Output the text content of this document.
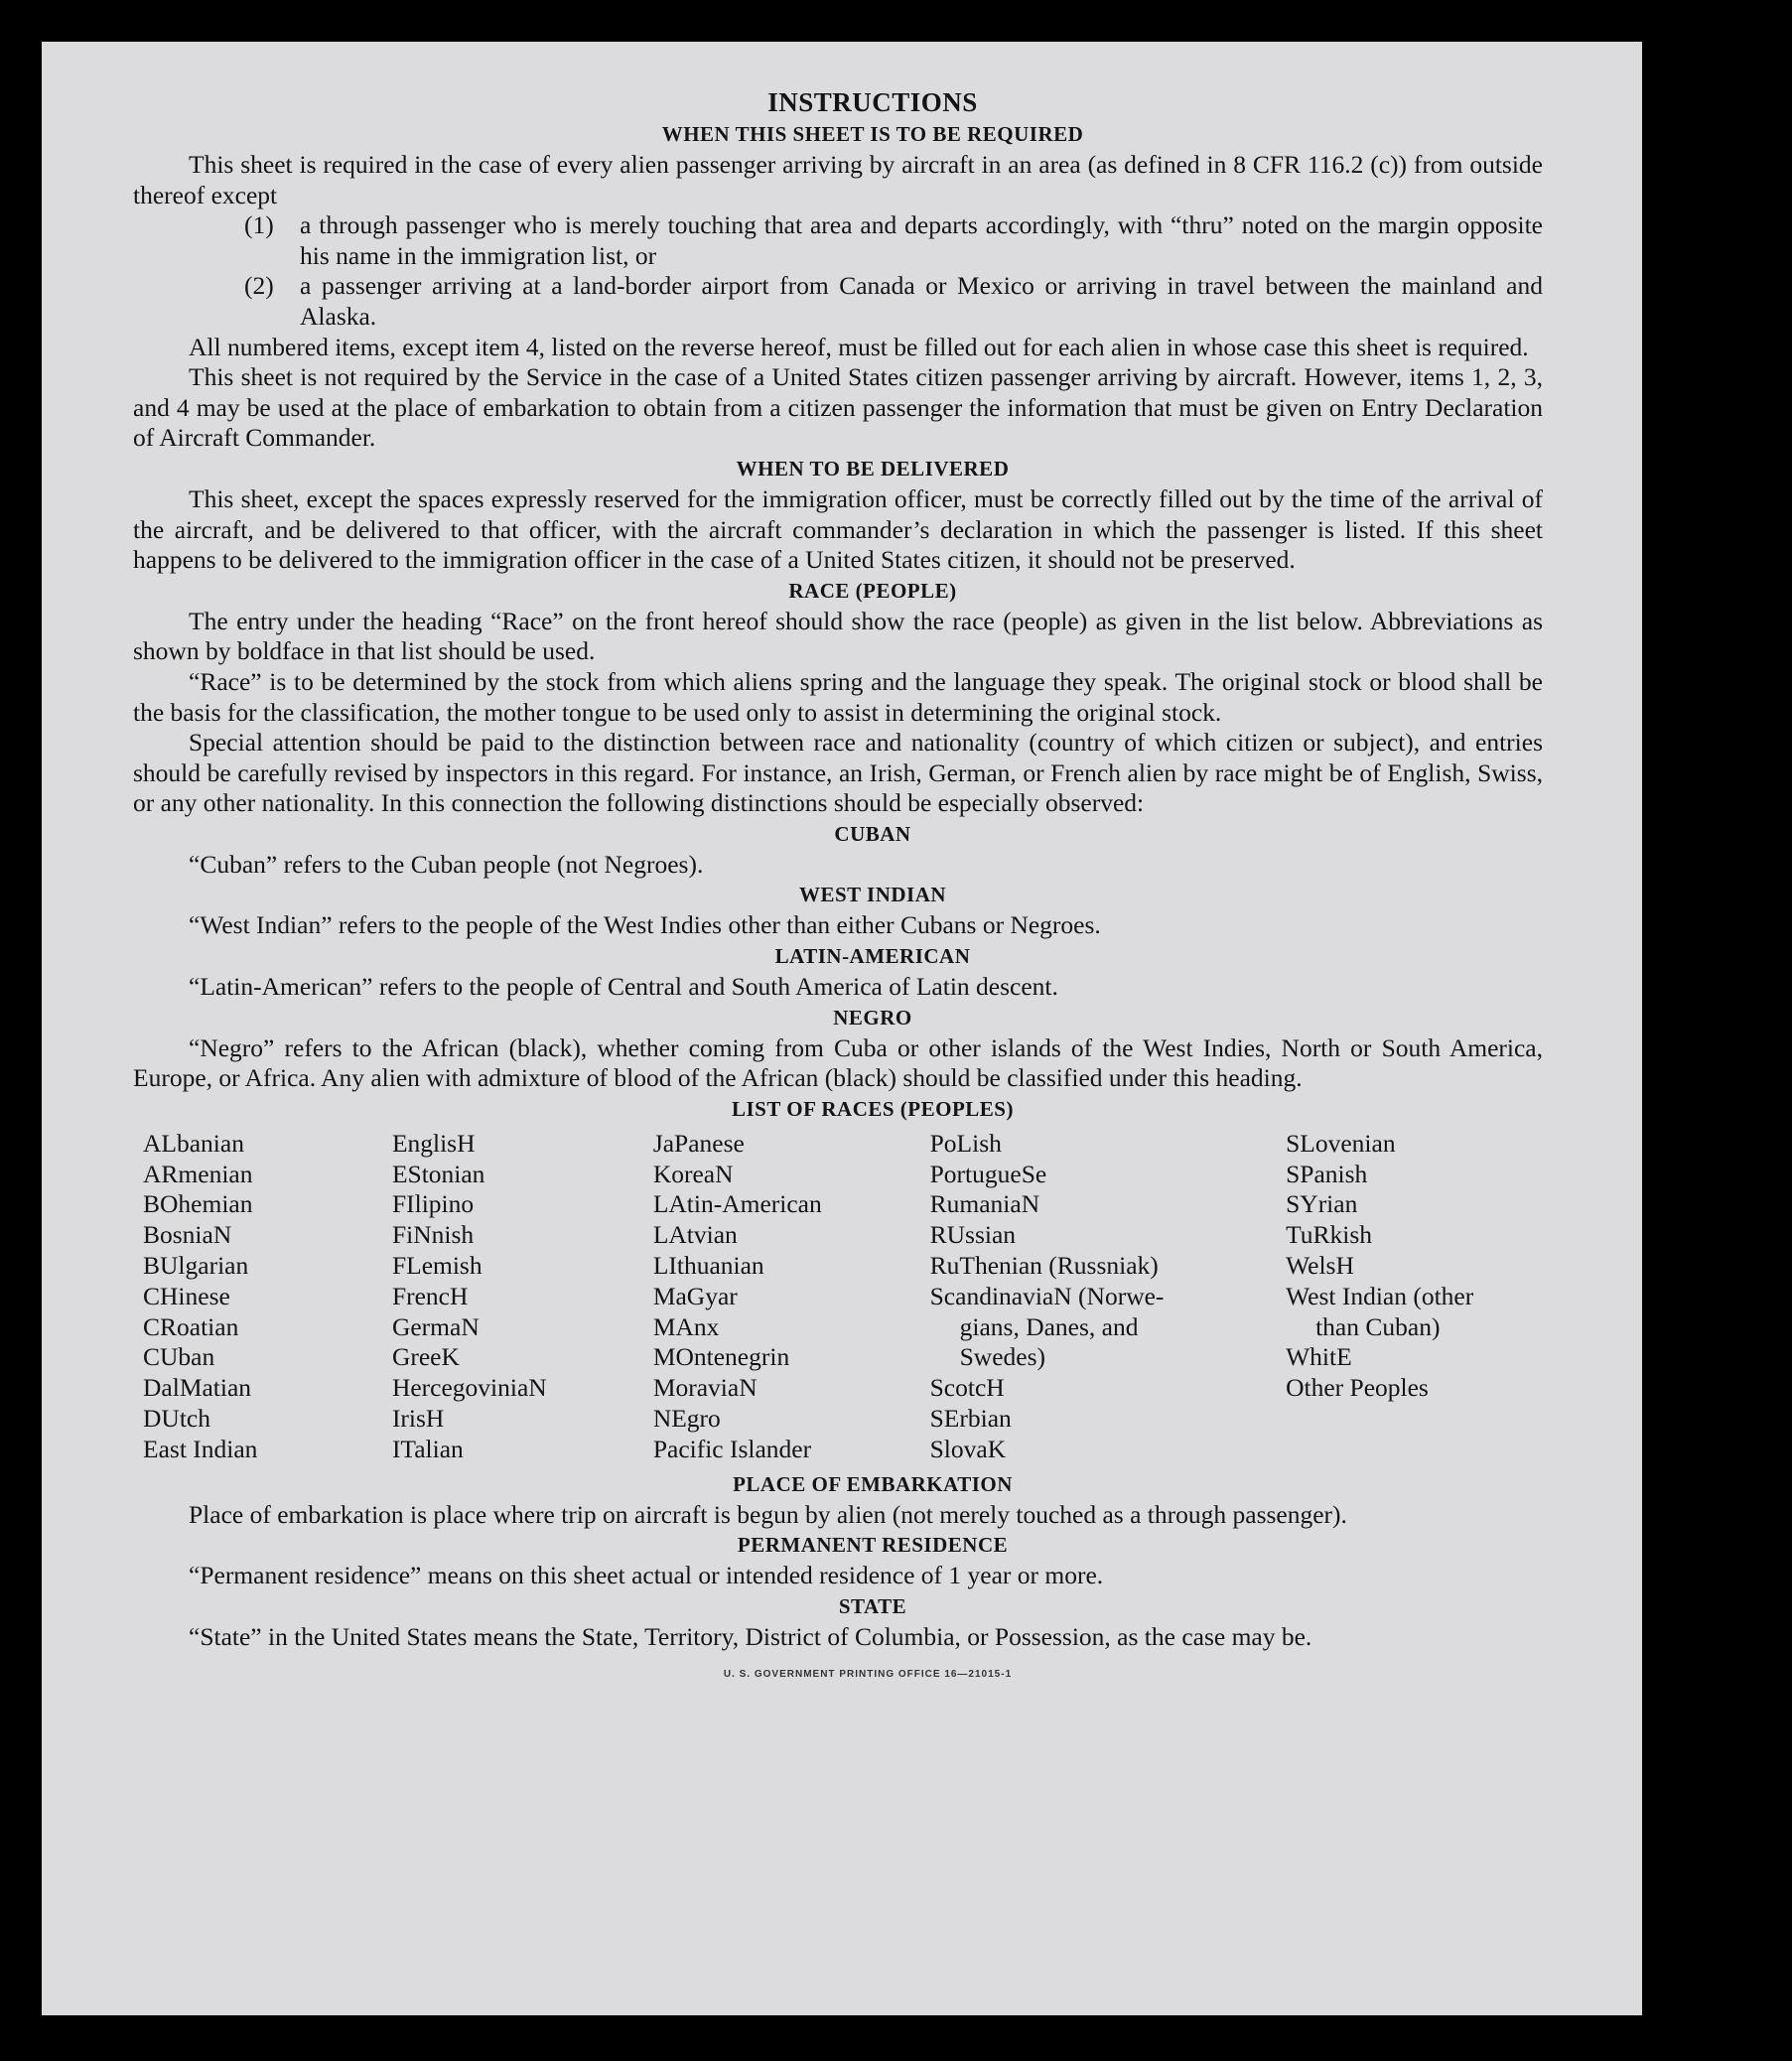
INSTRUCTIONS
WHEN THIS SHEET IS TO BE REQUIRED

This sheet is required in the case of every alien passenger arriving by aircraft in an area (as defined in 8 CFR 116.2 (c)) from outside thereof except

(1) a through passenger who is merely touching that area and departs accordingly, with “thru” noted on the margin opposite his name in the immigration list, or
(2) a passenger arriving at a land-border airport from Canada or Mexico or arriving in travel between the mainland and Alaska.

All numbered items, except item 4, listed on the reverse hereof, must be filled out for each alien in whose case this sheet is required.

This sheet is not required by the Service in the case of a United States citizen passenger arriving by aircraft. However, items 1, 2, 3, and 4 may be used at the place of embarkation to obtain from a citizen passenger the information that must be given on Entry Declaration of Aircraft Commander.

WHEN TO BE DELIVERED

This sheet, except the spaces expressly reserved for the immigration officer, must be correctly filled out by the time of the arrival of the aircraft, and be delivered to that officer, with the aircraft commander’s declaration in which the passenger is listed. If this sheet happens to be delivered to the immigration officer in the case of a United States citizen, it should not be preserved.

RACE (PEOPLE)

The entry under the heading “Race” on the front hereof should show the race (people) as given in the list below. Abbreviations as shown by boldface in that list should be used.

“Race” is to be determined by the stock from which aliens spring and the language they speak. The original stock or blood shall be the basis for the classification, the mother tongue to be used only to assist in determining the original stock.

Special attention should be paid to the distinction between race and nationality (country of which citizen or subject), and entries should be carefully revised by inspectors in this regard. For instance, an Irish, German, or French alien by race might be of English, Swiss, or any other nationality. In this connection the following distinctions should be especially observed:

CUBAN

“Cuban” refers to the Cuban people (not Negroes).

WEST INDIAN

“West Indian” refers to the people of the West Indies other than either Cubans or Negroes.

LATIN-AMERICAN

“Latin-American” refers to the people of Central and South America of Latin descent.

NEGRO

“Negro” refers to the African (black), whether coming from Cuba or other islands of the West Indies, North or South America, Europe, or Africa. Any alien with admixture of blood of the African (black) should be classified under this heading.

LIST OF RACES (PEOPLES)
ALbanian
ARmenian
BOhemian
BosniaN
BUlgarian
CHinese
CRoatian
CUban
DalMatian
DUtch
East Indian
EnglisH
EStonian
FIlipino
FiNnish
FLemish
FrencH
GermaN
GreeK
HercegoviniaN
IrisH
ITalian
JaPanese
KoreaN
LAtin-American
LAtvian
LIthuanian
MaGyar
MAnx
MOntenegrin
MoraviaN
NEgro
Pacific Islander
PoLish
PortugueSe
RumaniaN
RUssian
RuThenian (Russniak)
ScandinaviaN (Norwe-
gians, Danes, and
Swedes)
ScotcH
SErbian
SlovaK
SLovenian
SPanish
SYrian
TuRkish
WelsH
West Indian (other
than Cuban)
WhitE
Other Peoples
PLACE OF EMBARKATION

Place of embarkation is place where trip on aircraft is begun by alien (not merely touched as a through passenger).

PERMANENT RESIDENCE

“Permanent residence” means on this sheet actual or intended residence of 1 year or more.

STATE

“State” in the United States means the State, Territory, District of Columbia, or Possession, as the case may be.

U. S. GOVERNMENT PRINTING OFFICE 16—21015-1
